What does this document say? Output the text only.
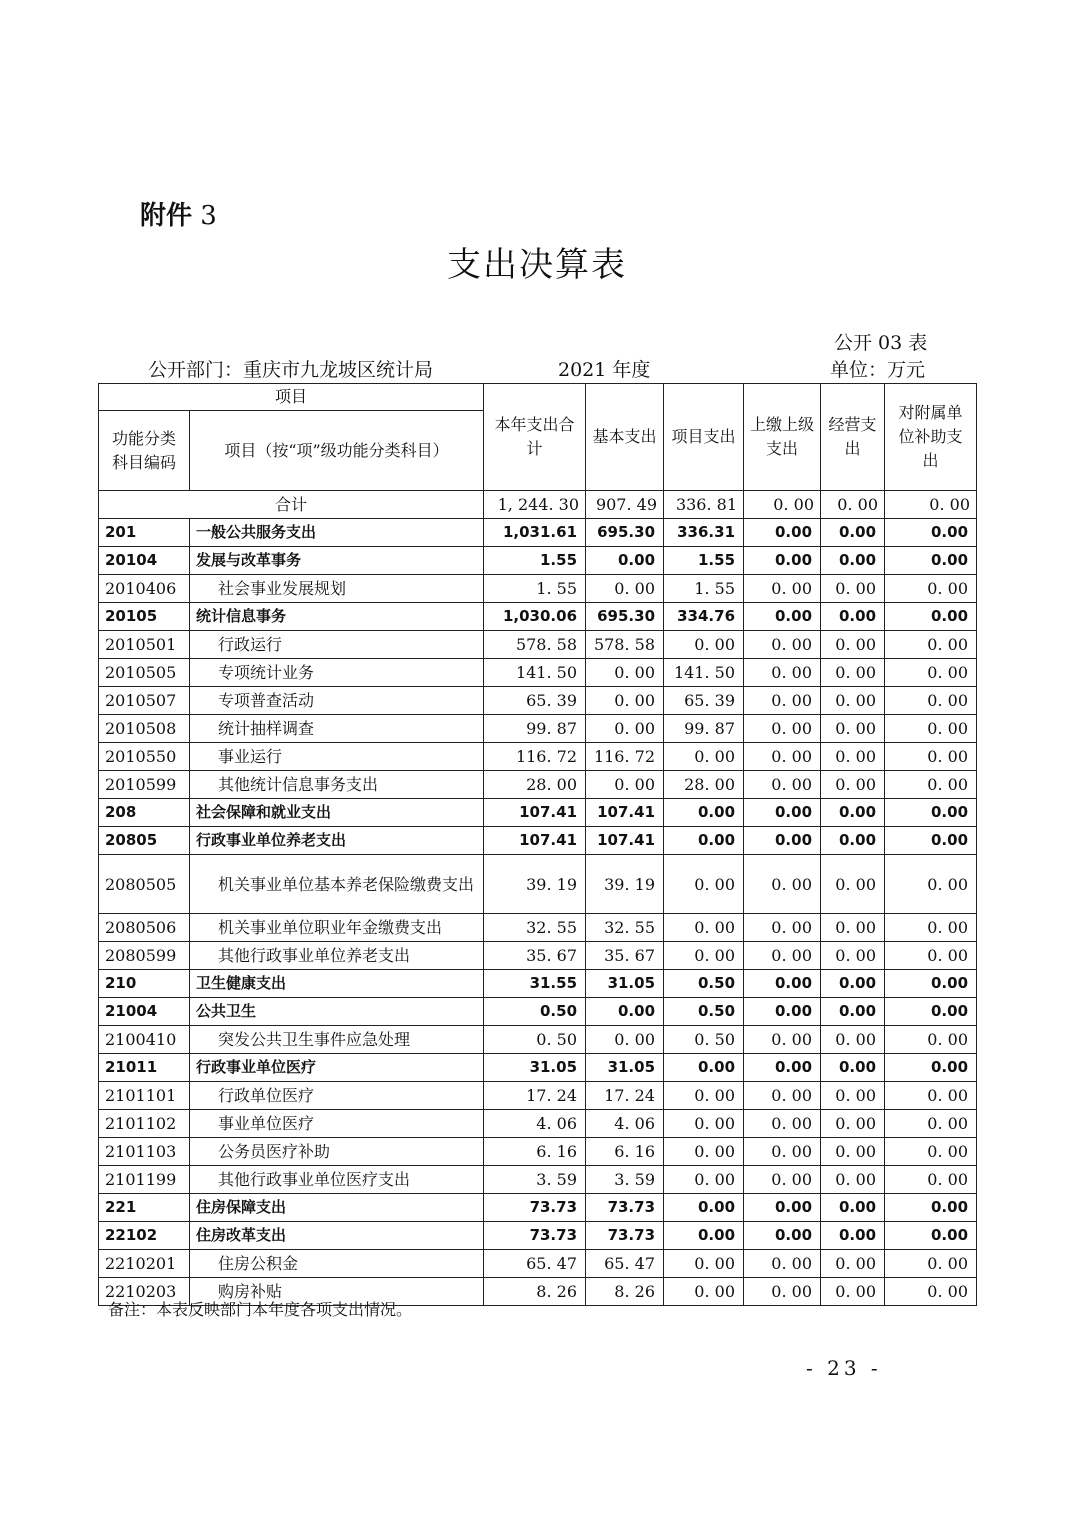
附件 3
支出决算表
公开 03 表
公开部门：重庆市九龙坡区统计局	2021 年度	单位：万元
项目		本年支出合计	基本支出	项目支出	上缴上级支出	经营支出	对附属单位补助支出
功能分类科目编码	项目（按“项”级功能分类科目）						
合计		1, 244. 30	907. 49	336. 81	0. 00	0. 00	0. 00
201	一般公共服务支出	1,031.61	695.30	336.31	0.00	0.00	0.00
20104	发展与改革事务	1.55	0.00	1.55	0.00	0.00	0.00
2010406	社会事业发展规划	1. 55	0. 00	1. 55	0. 00	0. 00	0. 00
20105	统计信息事务	1,030.06	695.30	334.76	0.00	0.00	0.00
2010501	行政运行	578. 58	578. 58	0. 00	0. 00	0. 00	0. 00
2010505	专项统计业务	141. 50	0. 00	141. 50	0. 00	0. 00	0. 00
2010507	专项普查活动	65. 39	0. 00	65. 39	0. 00	0. 00	0. 00
2010508	统计抽样调查	99. 87	0. 00	99. 87	0. 00	0. 00	0. 00
2010550	事业运行	116. 72	116. 72	0. 00	0. 00	0. 00	0. 00
2010599	其他统计信息事务支出	28. 00	0. 00	28. 00	0. 00	0. 00	0. 00
208	社会保障和就业支出	107.41	107.41	0.00	0.00	0.00	0.00
20805	行政事业单位养老支出	107.41	107.41	0.00	0.00	0.00	0.00
2080505	机关事业单位基本养老保险缴费支出	39. 19	39. 19	0. 00	0. 00	0. 00	0. 00
2080506	机关事业单位职业年金缴费支出	32. 55	32. 55	0. 00	0. 00	0. 00	0. 00
2080599	其他行政事业单位养老支出	35. 67	35. 67	0. 00	0. 00	0. 00	0. 00
210	卫生健康支出	31.55	31.05	0.50	0.00	0.00	0.00
21004	公共卫生	0.50	0.00	0.50	0.00	0.00	0.00
2100410	突发公共卫生事件应急处理	0. 50	0. 00	0. 50	0. 00	0. 00	0. 00
21011	行政事业单位医疗	31.05	31.05	0.00	0.00	0.00	0.00
2101101	行政单位医疗	17. 24	17. 24	0. 00	0. 00	0. 00	0. 00
2101102	事业单位医疗	4. 06	4. 06	0. 00	0. 00	0. 00	0. 00
2101103	公务员医疗补助	6. 16	6. 16	0. 00	0. 00	0. 00	0. 00
2101199	其他行政事业单位医疗支出	3. 59	3. 59	0. 00	0. 00	0. 00	0. 00
221	住房保障支出	73.73	73.73	0.00	0.00	0.00	0.00
22102	住房改革支出	73.73	73.73	0.00	0.00	0.00	0.00
2210201	住房公积金	65. 47	65. 47	0. 00	0. 00	0. 00	0. 00
2210203	购房补贴	8. 26	8. 26	0. 00	0. 00	0. 00	0. 00
备注：本表反映部门本年度各项支出情况。
- 23 -
